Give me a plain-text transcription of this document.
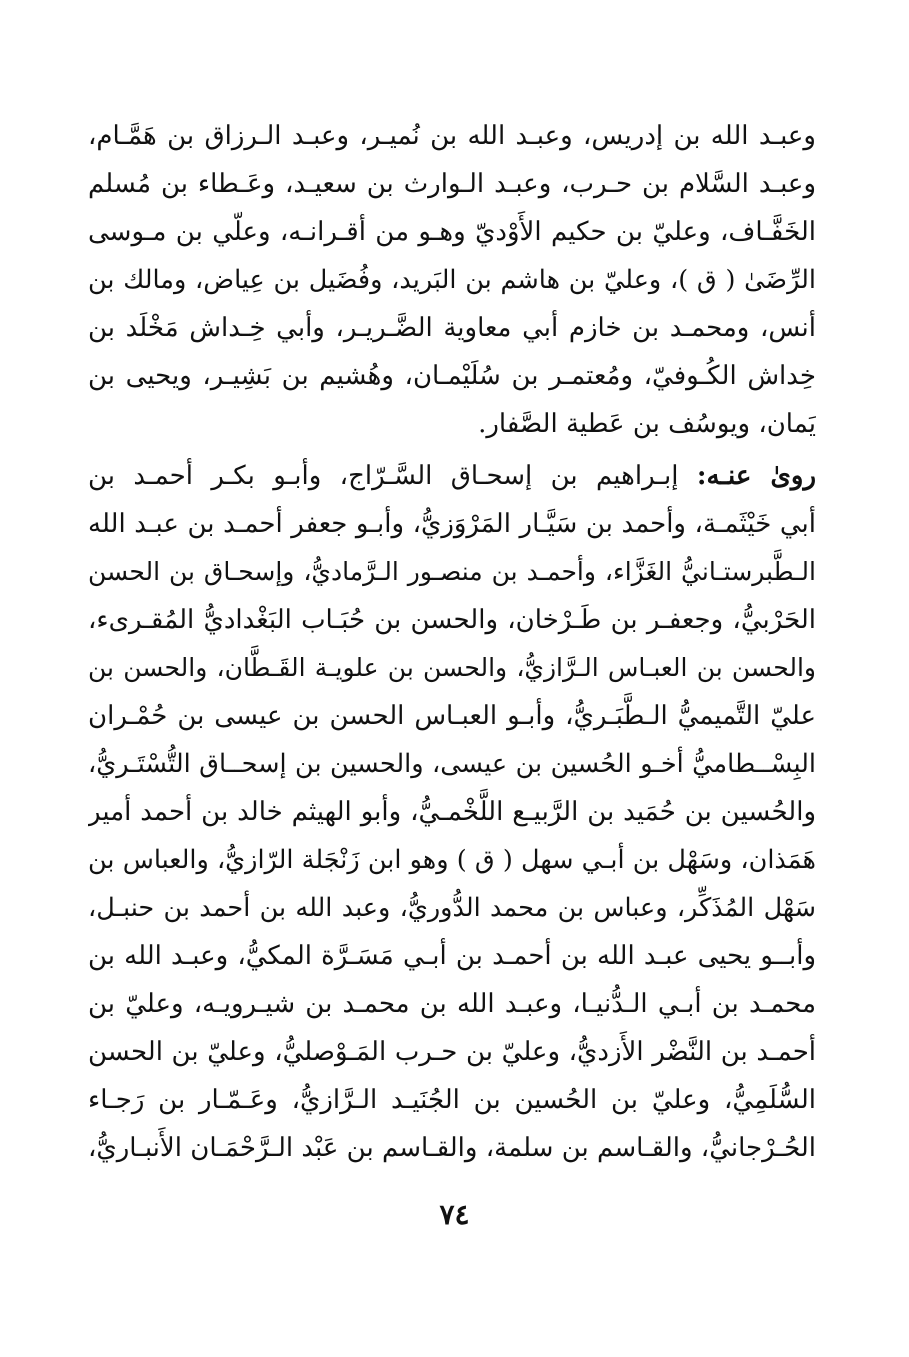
وعبـد الله بن إدريس، وعبـد الله بن نُميـر، وعبـد الـرزاق بن هَمَّـام،
وعبـد السَّلام بن حـرب، وعبـد الـوارث بن سعيـد، وعَـطاء بن مُسلم
الخَفَّـاف، وعليّ بن حكيم الأَوْديّ وهـو من أقـرانـه، وعلّي بن مـوسى
الرِّضَىٰ ( ق )، وعليّ بن هاشم بن البَريد، وفُضَيل بن عِياض، ومالك بن
أنس، ومحمـد بن خازم أبي معاوية الضَّـريـر، وأبي خِـداش مَخْلَد بن
خِداش الكُـوفيّ، ومُعتمـر بن سُلَيْمـان، وهُشيم بن بَشِيـر، ويحيى بن
يَمان، ويوسُف بن عَطية الصَّفار.
روىٰ عنـه: إبـراهيم بن إسحـاق السَّـرّاج، وأبـو بكـر أحمـد بن
أبي خَيْثَمـة، وأحمد بن سَيَّـار المَرْوَزيُّ، وأبـو جعفر أحمـد بن عبـد الله
الـطَّبرستـانيُّ الغَزَّاء، وأحمـد بن منصـور الـرَّماديُّ، وإسحـاق بن الحسن
الحَرْبيُّ، وجعفـر بن طَـرْخان، والحسن بن حُبَـاب البَغْداديُّ المُقـرىء،
والحسن بن العبـاس الـرَّازيُّ، والحسن بن علويـة القَـطَّان، والحسن بن
عليّ التَّميميُّ الـطَّبَـريُّ، وأبـو العبـاس الحسن بن عيسى بن حُمْـران
البِسْــطاميُّ أخـو الحُسين بن عيسى، والحسين بن إسحــاق التُّسْتَـريُّ،
والحُسين بن حُمَيد بن الرَّبيـع اللَّخْمـيُّ، وأبو الهيثم خالد بن أحمد أمير
هَمَذان، وسَهْل بن أبـي سهل ( ق ) وهو ابن زَنْجَلة الرّازيُّ، والعباس بن
سَهْل المُذَكِّر، وعباس بن محمد الدُّوريُّ، وعبد الله بن أحمد بن حنبـل،
وأبــو يحيى عبـد الله بن أحمـد بن أبـي مَسَـرَّة المكيُّ، وعبـد الله بن
محمـد بن أبـي الـدُّنيـا، وعبـد الله بن محمـد بن شيـرويـه، وعليّ بن
أحمـد بن النَّضْر الأَزديُّ، وعليّ بن حـرب المَـوْصليُّ، وعليّ بن الحسن
السُّلَمِيُّ، وعليّ بن الحُسين بن الجُنَيـد الـرَّازيُّ، وعَـمّـار بن رَجـاء
الحُـرْجانيُّ، والقـاسم بن سلمة، والقـاسم بن عَبْد الـرَّحْمَـان الأَنبـاريُّ،
٧٤
